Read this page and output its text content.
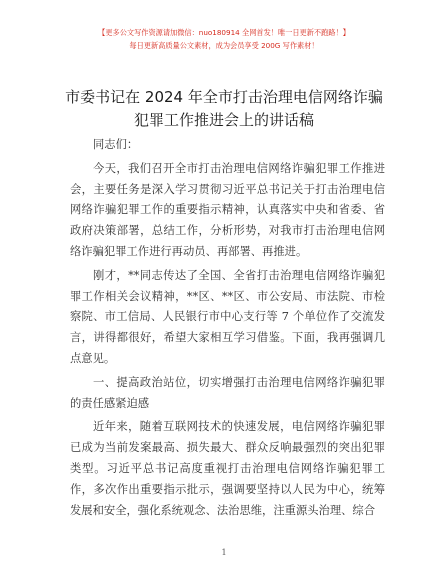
【更多公文写作资源请加微信：nuo180914 全网首发！唯一日更新不跑路！】
每日更新高质量公文素材，成为会员享受 200G 写作素材！
市委书记在 2024 年全市打击治理电信网络诈骗
犯罪工作推进会上的讲话稿

同志们：

今天，我们召开全市打击治理电信网络诈骗犯罪工作推进会，主要任务是深入学习贯彻习近平总书记关于打击治理电信网络诈骗犯罪工作的重要指示精神，认真落实中央和省委、省政府决策部署，总结工作，分析形势，对我市打击治理电信网络诈骗犯罪工作进行再动员、再部署、再推进。

刚才，**同志传达了全国、全省打击治理电信网络诈骗犯罪工作相关会议精神，**区、**区、市公安局、市法院、市检察院、市工信局、人民银行市中心支行等 7 个单位作了交流发言，讲得都很好，希望大家相互学习借鉴。下面，我再强调几点意见。

一、提高政治站位，切实增强打击治理电信网络诈骗犯罪的责任感紧迫感

近年来，随着互联网技术的快速发展，电信网络诈骗犯罪已成为当前发案最高、损失最大、群众反响最强烈的突出犯罪类型。习近平总书记高度重视打击治理电信网络诈骗犯罪工作，多次作出重要指示批示，强调要坚持以人民为中心，统筹发展和安全，强化系统观念、法治思维，注重源头治理、综合

1
